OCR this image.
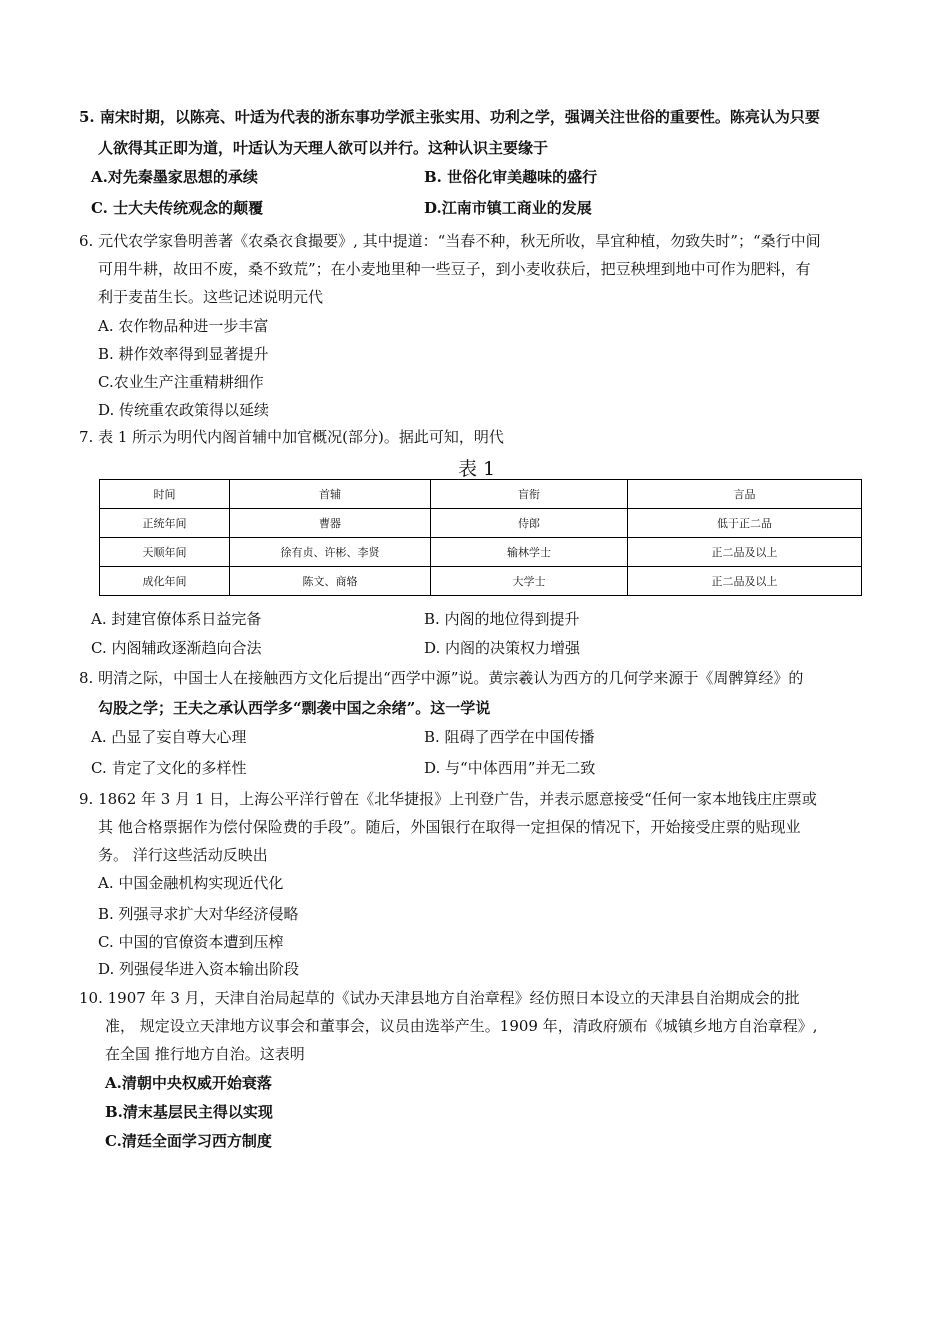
5. 南宋时期，以陈亮、叶适为代表的浙东事功学派主张实用、功利之学，强调关注世俗的重要性。陈亮认为只要
人欲得其正即为道，叶适认为天理人欲可以并行。这种认识主要缘于
A.对先秦墨家思想的承续	B. 世俗化审美趣味的盛行
C. 士大夫传统观念的颠覆	D.江南市镇工商业的发展
6. 元代农学家鲁明善著《农桑衣食撮要》, 其中提道：“当春不种，秋无所收，旱宜种植，勿致失时”；“桑行中间
可用牛耕，故田不废，桑不致荒”；在小麦地里种一些豆子，到小麦收获后，把豆秧埋到地中可作为肥料，有
利于麦苗生长。这些记述说明元代
A. 农作物品种进一步丰富
B. 耕作效率得到显著提升
C.农业生产注重精耕细作
D. 传统重农政策得以延续
7. 表 1 所示为明代内阁首辅中加官概况(部分)。据此可知，明代
表 1
时间	首辅	盲衔	言品
正统年间	曹器	侍郎	低于正二品
天顺年间	徐有贞、许彬、李贤	输林学士	正二品及以上
成化年间	陈文、商辂	大学士	正二品及以上
A. 封建官僚体系日益完备	B. 内阁的地位得到提升
C. 内阁辅政逐渐趋向合法	D. 内阁的决策权力增强
8. 明清之际，中国士人在接触西方文化后提出“西学中源”说。黄宗羲认为西方的几何学来源于《周髀算经》的
勾股之学；王夫之承认西学多“剽袭中国之余绪”。这一学说
A. 凸显了妄自尊大心理	B. 阻碍了西学在中国传播
C. 肯定了文化的多样性	D. 与“中体西用”并无二致
9. 1862 年 3 月 1 日，上海公平洋行曾在《北华捷报》上刊登广告，并表示愿意接受“任何一家本地钱庄庄票或
其 他合格票据作为偿付保险费的手段”。随后，外国银行在取得一定担保的情况下，开始接受庄票的贴现业
务。 洋行这些活动反映出
A. 中国金融机构实现近代化
B. 列强寻求扩大对华经济侵略
C. 中国的官僚资本遭到压榨
D. 列强侵华进入资本输出阶段
10. 1907 年 3 月，天津自治局起草的《试办天津县地方自治章程》经仿照日本设立的天津县自治期成会的批
准， 规定设立天津地方议事会和董事会，议员由选举产生。1909 年，清政府颁布《城镇乡地方自治章程》,
在全国 推行地方自治。这表明
A.清朝中央权威开始衰落
B.清末基层民主得以实现
C.清廷全面学习西方制度
